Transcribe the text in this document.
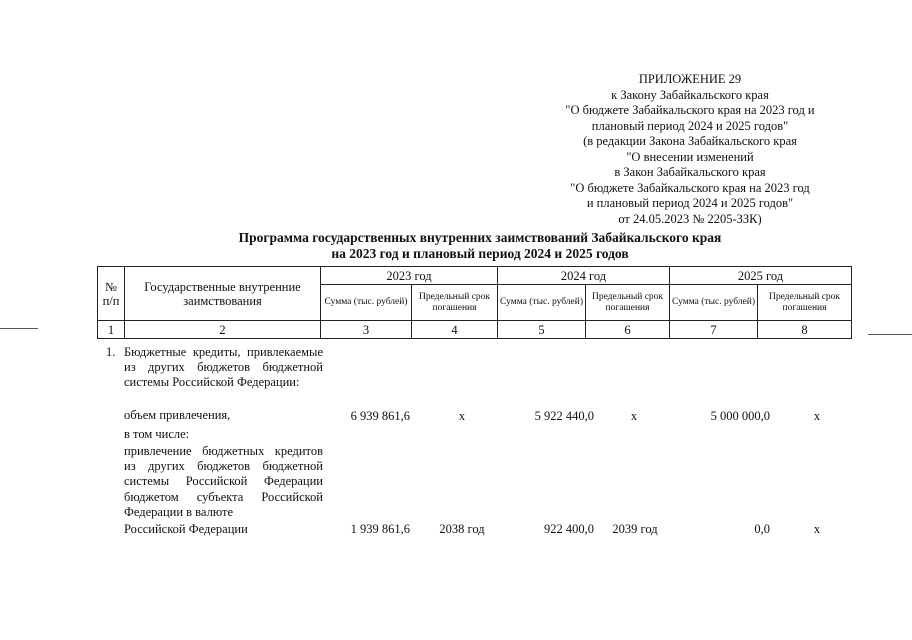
ПРИЛОЖЕНИЕ 29
к Закону Забайкальского края
"О бюджете Забайкальского края на 2023 год и
плановый период 2024 и 2025 годов"
(в редакции Закона Забайкальского края
"О внесении изменений
в Закон Забайкальского края
"О бюджете Забайкальского края на 2023 год
и плановый период 2024 и 2025 годов"
от 24.05.2023 № 2205-ЗЗК)
Программа государственных внутренних заимствований Забайкальского края
на 2023 год и плановый период 2024 и 2025 годов
№ п/п	Государственные внутренние заимствования	2023 год		2024 год		2025 год	
		Сумма (тыс. рублей)	Предельный срок погашения	Сумма (тыс. рублей)	Предельный срок погашения	Сумма (тыс. рублей)	Предельный срок погашения
1	2	3	4	5	6	7	8
1. Бюджетные кредиты, привлекаемые из других бюджетов бюджетной системы Российской Федерации:
объем привлечения,	6 939 861,6	х	5 922 440,0	х	5 000 000,0	х
в том числе:
привлечение бюджетных кредитов из других бюджетов бюджетной системы Российской Федерации бюджетом субъекта Российской Федерации в валюте
Российской Федерации	1 939 861,6	2038 год	922 400,0	2039 год	0,0	х
